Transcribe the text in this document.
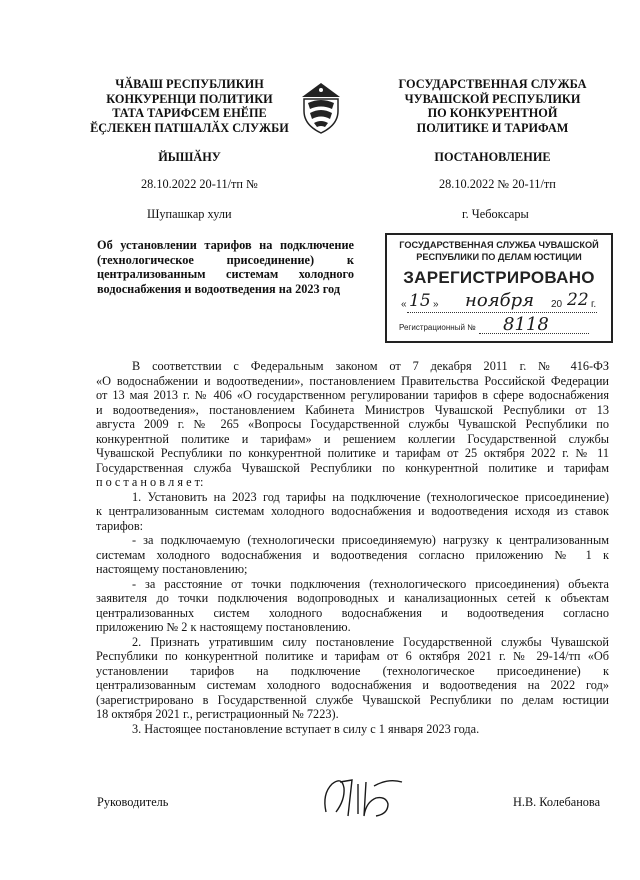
ЧӐВАШ РЕСПУБЛИКИН
КОНКУРЕНЦИ ПОЛИТИКИ
ТАТА ТАРИФСЕМ ЕНӖПЕ
ӖҪЛЕКЕН ПАТШАЛӐХ СЛУЖБИ
ЙЫШӐНУ
28.10.2022 20-11/тп №
Шупашкар хули
ГОСУДАРСТВЕННАЯ СЛУЖБА
ЧУВАШСКОЙ РЕСПУБЛИКИ
ПО КОНКУРЕНТНОЙ
ПОЛИТИКЕ И ТАРИФАМ
ПОСТАНОВЛЕНИЕ
28.10.2022 № 20-11/тп
г. Чебоксары
Об установлении тарифов на подключение
(технологическое присоединение) к
централизованным системам холодного
водоснабжения и водоотведения на 2023 год
ГОСУДАРСТВЕННАЯ СЛУЖБА ЧУВАШСКОЙ
РЕСПУБЛИКИ ПО ДЕЛАМ ЮСТИЦИИ
ЗАРЕГИСТРИРОВАНО
« 15 » ноября 20 22 г.
Регистрационный № 8118
В соответствии с Федеральным законом от 7 декабря 2011 г. № 416-ФЗ
«О водоснабжении и водоотведении», постановлением Правительства Российской Федерации
от 13 мая 2013 г. № 406 «О государственном регулировании тарифов в сфере водоснабжения
и водоотведения», постановлением Кабинета Министров Чувашской Республики от 13
августа 2009 г. № 265 «Вопросы Государственной службы Чувашской Республики по
конкурентной политике и тарифам» и решением коллегии Государственной службы
Чувашской Республики по конкурентной политике и тарифам от 25 октября 2022 г. № 11
Государственная служба Чувашской Республики по конкурентной политике и тарифам
п о с т а н о в л я е т:
1. Установить на 2023 год тарифы на подключение (технологическое присоединение)
к централизованным системам холодного водоснабжения и водоотведения исходя из ставок
тарифов:
- за подключаемую (технологически присоединяемую) нагрузку к централизованным
системам холодного водоснабжения и водоотведения согласно приложению № 1 к
настоящему постановлению;
- за расстояние от точки подключения (технологического присоединения) объекта
заявителя до точки подключения водопроводных и канализационных сетей к объектам
централизованных систем холодного водоснабжения и водоотведения согласно
приложению № 2 к настоящему постановлению.
2. Признать утратившим силу постановление Государственной службы Чувашской
Республики по конкурентной политике и тарифам от 6 октября 2021 г. № 29-14/тп «Об
установлении тарифов на подключение (технологическое присоединение) к
централизованным системам холодного водоснабжения и водоотведения на 2022 год»
(зарегистрировано в Государственной службе Чувашской Республики по делам юстиции
18 октября 2021 г., регистрационный № 7223).
3. Настоящее постановление вступает в силу с 1 января 2023 года.
Руководитель	Н.В. Колебанова
